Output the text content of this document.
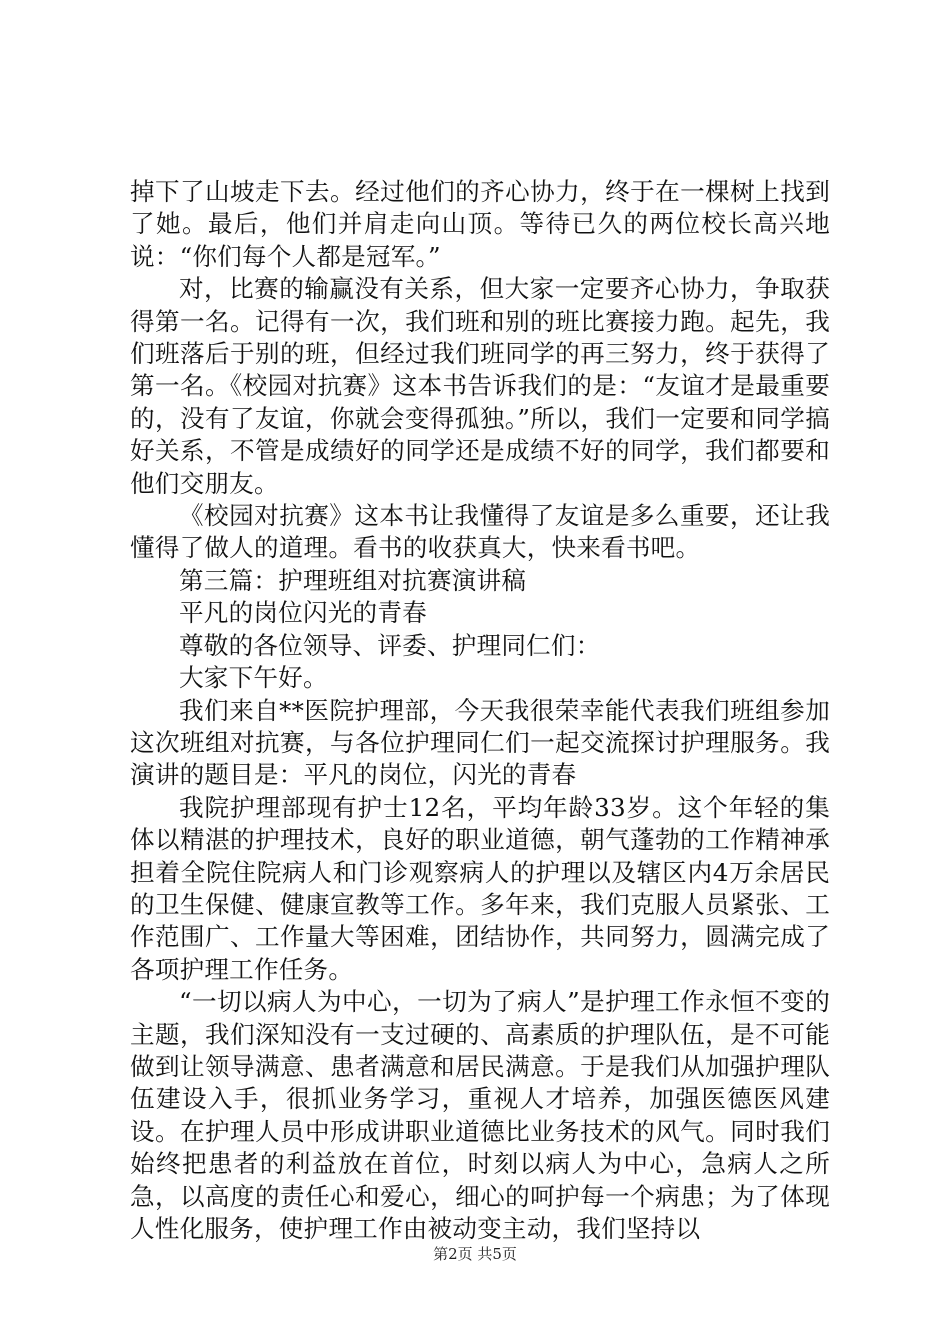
掉下了山坡走下去。经过他们的齐心协力，终于在一棵树上找到了她。最后，他们并肩走向山顶。等待已久的两位校长高兴地说：“你们每个人都是冠军。”

对，比赛的输赢没有关系，但大家一定要齐心协力，争取获得第一名。记得有一次，我们班和别的班比赛接力跑。起先，我们班落后于别的班，但经过我们班同学的再三努力，终于获得了第一名。《校园对抗赛》这本书告诉我们的是：“友谊才是最重要的，没有了友谊，你就会变得孤独。”所以，我们一定要和同学搞好关系，不管是成绩好的同学还是成绩不好的同学，我们都要和他们交朋友。

《校园对抗赛》这本书让我懂得了友谊是多么重要，还让我懂得了做人的道理。看书的收获真大，快来看书吧。

第三篇：护理班组对抗赛演讲稿

平凡的岗位闪光的青春

尊敬的各位领导、评委、护理同仁们：

大家下午好。

我们来自**医院护理部，今天我很荣幸能代表我们班组参加这次班组对抗赛，与各位护理同仁们一起交流探讨护理服务。我演讲的题目是：平凡的岗位，闪光的青春

我院护理部现有护士12名，平均年龄33岁。这个年轻的集体以精湛的护理技术，良好的职业道德，朝气蓬勃的工作精神承担着全院住院病人和门诊观察病人的护理以及辖区内4万余居民的卫生保健、健康宣教等工作。多年来，我们克服人员紧张、工作范围广、工作量大等困难，团结协作，共同努力，圆满完成了各项护理工作任务。

“一切以病人为中心，一切为了病人”是护理工作永恒不变的主题，我们深知没有一支过硬的、高素质的护理队伍，是不可能做到让领导满意、患者满意和居民满意。于是我们从加强护理队伍建设入手，很抓业务学习，重视人才培养，加强医德医风建设。在护理人员中形成讲职业道德比业务技术的风气。同时我们始终把患者的利益放在首位，时刻以病人为中心，急病人之所急，以高度的责任心和爱心，细心的呵护每一个病患；为了体现人性化服务，使护理工作由被动变主动，我们坚持以

第2页 共5页
